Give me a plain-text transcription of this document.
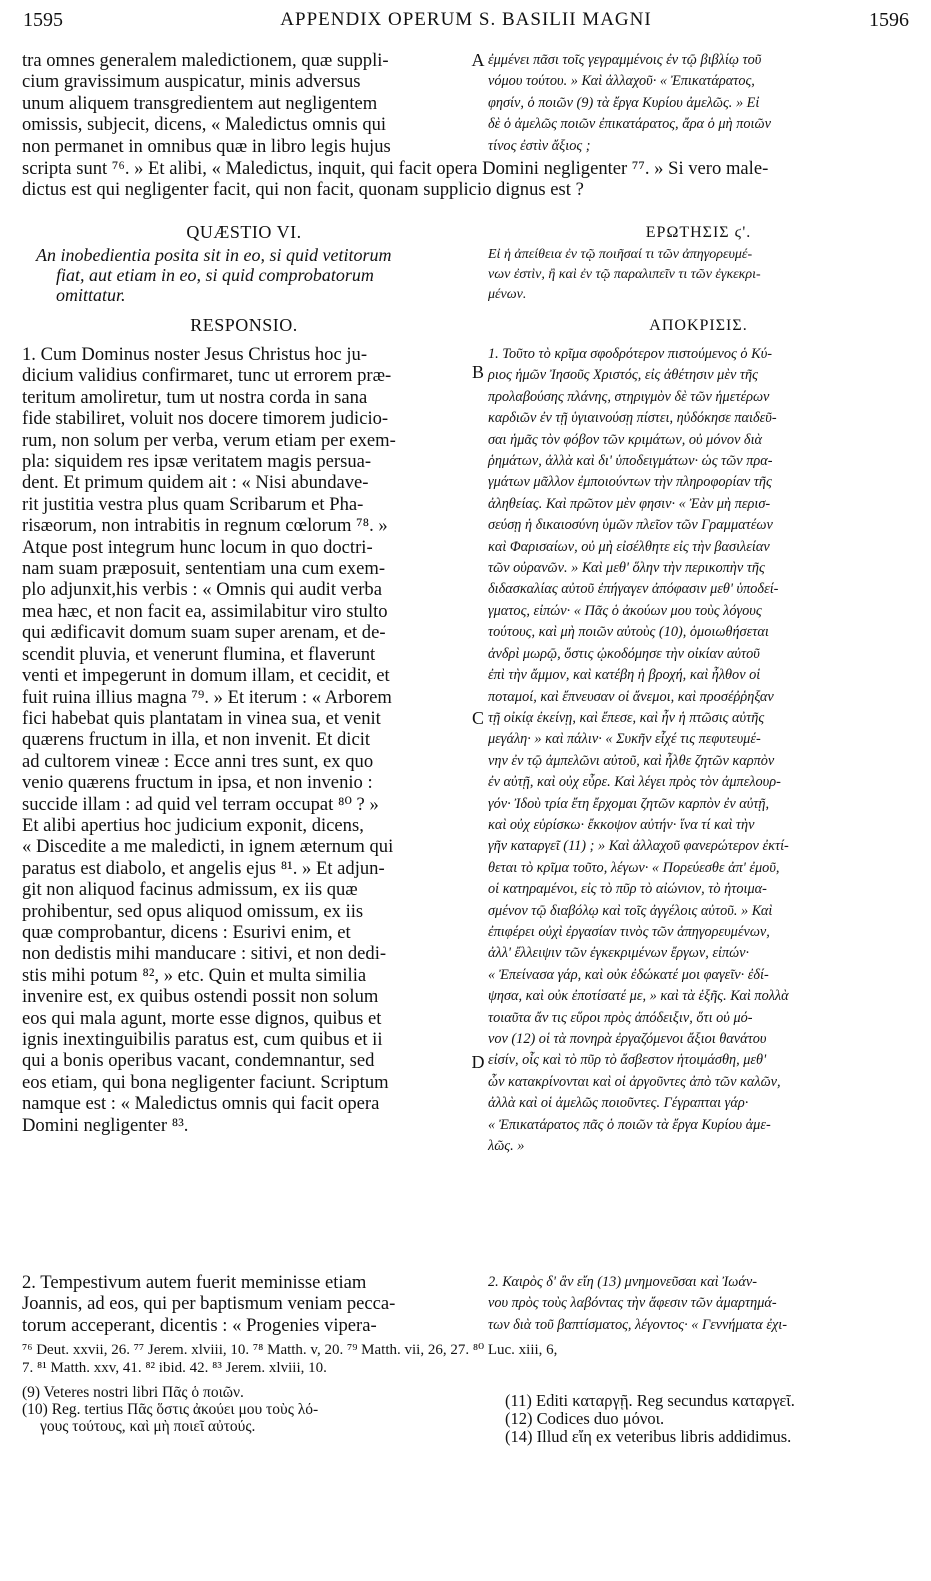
1595	APPENDIX OPERUM S. BASILII MAGNI	1596
tra omnes generalem maledictionem, quæ suppli-
cium gravissimum auspicatur, minis adversus
unum aliquem transgredientem aut negligentem
omissis, subjecit, dicens, « Maledictus omnis qui
non permanet in omnibus quæ in libro legis hujus
A ἐμμένει πᾶσι τοῖς γεγραμμένοις ἐν τῷ βιβλίῳ τοῦ
νόμου τούτου. » Καὶ ἀλλαχοῦ· « Ἐπικατάρατος,
φησίν, ὁ ποιῶν (9) τὰ ἔργα Κυρίου ἀμελῶς. » Εἰ
δὲ ὁ ἀμελῶς ποιῶν ἐπικατάρατος, ἄρα ὁ μὴ ποιῶν
τίνος ἐστὶν ἄξιος ;
scripta sunt ⁷⁶. » Et alibi, « Maledictus, inquit, qui facit opera Domini negligenter ⁷⁷. » Si vero male-
dictus est qui negligenter facit, qui non facit, quonam supplicio dignus est ?
QUÆSTIO VI.
An inobedientia posita sit in eo, si quid vetitorum
fiat, aut etiam in eo, si quid comprobatorum
omittatur.
RESPONSIO.
ΕΡΩΤΗΣΙΣ ϛ'.
Εἰ ἡ ἀπείθεια ἐν τῷ ποιῆσαί τι τῶν ἀπηγορευμέ-
νων ἐστὶν, ἢ καὶ ἐν τῷ παραλιπεῖν τι τῶν ἐγκεκρι-
μένων.
ΑΠΟΚΡΙΣΙΣ.
1. Cum Dominus noster Jesus Christus hoc ju-
dicium validius confirmaret, tunc ut errorem præ-
teritum amoliretur, tum ut nostra corda in sana
fide stabiliret, voluit nos docere timorem judicio-
rum, non solum per verba, verum etiam per exem-
pla: siquidem res ipsæ veritatem magis persua-
dent. Et primum quidem ait : « Nisi abundave-
rit justitia vestra plus quam Scribarum et Pha-
risæorum, non intrabitis in regnum cœlorum ⁷⁸. »
Atque post integrum hunc locum in quo doctri-
nam suam præposuit, sententiam una cum exem-
plo adjunxit,his verbis : « Omnis qui audit verba
mea hæc, et non facit ea, assimilabitur viro stulto
qui ædificavit domum suam super arenam, et de-
scendit pluvia, et venerunt flumina, et flaverunt
venti et impegerunt in domum illam, et cecidit, et
fuit ruina illius magna ⁷⁹. » Et iterum : « Arborem
fici habebat quis plantatam in vinea sua, et venit
quærens fructum in illa, et non invenit. Et dicit
ad cultorem vineæ : Ecce anni tres sunt, ex quo
venio quærens fructum in ipsa, et non invenio :
succide illam : ad quid vel terram occupat ⁸⁰ ? »
Et alibi apertius hoc judicium exponit, dicens,
« Discedite a me maledicti, in ignem æternum qui
paratus est diabolo, et angelis ejus ⁸¹. » Et adjun-
git non aliquod facinus admissum, ex iis quæ
prohibentur, sed opus aliquod omissum, ex iis
quæ comprobantur, dicens : Esurivi enim, et
non dedistis mihi manducare : sitivi, et non dedi-
stis mihi potum ⁸², » etc. Quin et multa similia
invenire est, ex quibus ostendi possit non solum
eos qui mala agunt, morte esse dignos, quibus et
ignis inextinguibilis paratus est, cum quibus et ii
qui a bonis operibus vacant, condemnantur, sed
eos etiam, qui bona negligenter faciunt. Scriptum
namque est : « Maledictus omnis qui facit opera
Domini negligenter ⁸³.
1. Τοῦτο τὸ κρῖμα σφοδρότερον πιστούμενος ὁ Κύ-
ριος ἡμῶν Ἰησοῦς Χριστός, εἰς ἀθέτησιν μὲν τῆς
προλαβούσης πλάνης, στηριγμὸν δὲ τῶν ἡμετέρων
καρδιῶν ἐν τῇ ὑγιαινούσῃ πίστει, ηὐδόκησε παιδεῦ-
σαι ἡμᾶς τὸν φόβον τῶν κριμάτων, οὐ μόνον διὰ
ῥημάτων, ἀλλὰ καὶ δι' ὑποδειγμάτων· ὡς τῶν πρα-
γμάτων μᾶλλον ἐμποιούντων τὴν πληροφορίαν τῆς
ἀληθείας. Καὶ πρῶτον μὲν φησιν· « Ἐὰν μὴ περισ-
σεύσῃ ἡ δικαιοσύνη ὑμῶν πλεῖον τῶν Γραμματέων
καὶ Φαρισαίων, οὐ μὴ εἰσέλθητε εἰς τὴν βασιλείαν
τῶν οὐρανῶν. » Καὶ μεθ' ὅλην τὴν περικοπὴν τῆς
διδασκαλίας αὐτοῦ ἐπήγαγεν ἀπόφασιν μεθ' ὑποδεί-
γματος, εἰπών· « Πᾶς ὁ ἀκούων μου τοὺς λόγους
τούτους, καὶ μὴ ποιῶν αὐτοὺς (10), ὁμοιωθήσεται
ἀνδρὶ μωρῷ, ὅστις ᾠκοδόμησε τὴν οἰκίαν αὐτοῦ
ἐπὶ τὴν ἄμμον, καὶ κατέβη ἡ βροχή, καὶ ἦλθον οἱ
ποταμοί, καὶ ἔπνευσαν οἱ ἄνεμοι, καὶ προσέῤῥηξαν
τῇ οἰκίᾳ ἐκείνῃ, καὶ ἔπεσε, καὶ ἦν ἡ πτῶσις αὐτῆς
μεγάλη· » καὶ πάλιν· « Συκῆν εἶχέ τις πεφυτευμέ-
νην ἐν τῷ ἀμπελῶνι αὐτοῦ, καὶ ἦλθε ζητῶν καρπὸν
ἐν αὐτῇ, καὶ οὐχ εὗρε. Καὶ λέγει πρὸς τὸν ἀμπελουρ-
γόν· Ἰδοὺ τρία ἔτη ἔρχομαι ζητῶν καρπὸν ἐν αὐτῇ,
καὶ οὐχ εὑρίσκω· ἔκκοψον αὐτήν· ἵνα τί καὶ τὴν
γῆν καταργεῖ (11) ; » Καὶ ἀλλαχοῦ φανερώτερον ἐκτί-
θεται τὸ κρῖμα τοῦτο, λέγων· « Πορεύεσθε ἀπ' ἐμοῦ,
οἱ κατηραμένοι, εἰς τὸ πῦρ τὸ αἰώνιον, τὸ ἡτοιμα-
σμένον τῷ διαβόλῳ καὶ τοῖς ἀγγέλοις αὐτοῦ. » Καὶ
ἐπιφέρει οὐχὶ ἐργασίαν τινὸς τῶν ἀπηγορευμένων,
ἀλλ' ἔλλειψιν τῶν ἐγκεκριμένων ἔργων, εἰπών·
« Ἐπείνασα γάρ, καὶ οὐκ ἐδώκατέ μοι φαγεῖν· ἐδί-
ψησα, καὶ οὐκ ἐποτίσατέ με, » καὶ τὰ ἑξῆς. Καὶ πολλὰ
τοιαῦτα ἄν τις εὕροι πρὸς ἀπόδειξιν, ὅτι οὐ μό-
νον (12) οἱ τὰ πονηρὰ ἐργαζόμενοι ἄξιοι θανάτου
εἰσίν, οἷς καὶ τὸ πῦρ τὸ ἄσβεστον ἡτοιμάσθη, μεθ'
ὧν κατακρίνονται καὶ οἱ ἀργοῦντες ἀπὸ τῶν καλῶν,
ἀλλὰ καὶ οἱ ἀμελῶς ποιοῦντες. Γέγραπται γάρ·
« Ἐπικατάρατος πᾶς ὁ ποιῶν τὰ ἔργα Κυρίου ἀμε-
λῶς. »
B
C
D
2. Tempestivum autem fuerit meminisse etiam
Joannis, ad eos, qui per baptismum veniam pecca-
torum acceperant, dicentis : « Progenies vipera-
2. Καιρὸς δ' ἂν εἴη (13) μνημονεῦσαι καὶ Ἰωάν-
νου πρὸς τοὺς λαβόντας τὴν ἄφεσιν τῶν ἁμαρτημά-
των διὰ τοῦ βαπτίσματος, λέγοντος· « Γεννήματα ἐχι-
⁷⁶ Deut. xxvii, 26. ⁷⁷ Jerem. xlviii, 10. ⁷⁸ Matth. v, 20. ⁷⁹ Matth. vii, 26, 27. ⁸⁰ Luc. xiii, 6,
7. ⁸¹ Matth. xxv, 41. ⁸² ibid. 42. ⁸³ Jerem. xlviii, 10.
(9) Veteres nostri libri Πᾶς ὁ ποιῶν.
(10) Reg. tertius Πᾶς ὅστις ἀκούει μου τοὺς λό-
γους τούτους, καὶ μὴ ποιεῖ αὐτούς.
(11) Editi καταργῇ. Reg secundus καταργεῖ.
(12) Codices duo μόνοι.
(14) Illud εἴη ex veteribus libris addidimus.
